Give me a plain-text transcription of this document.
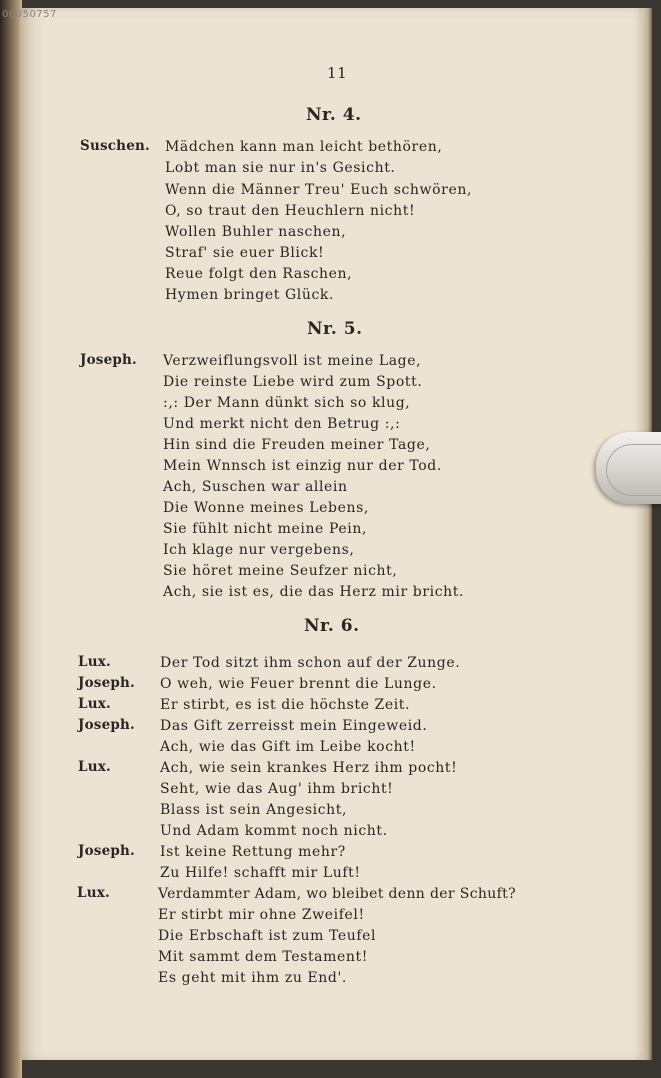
00050757
11
Nr. 4.
Suschen. Mädchen kann man leicht bethören,
Lobt man sie nur in's Gesicht.
Wenn die Männer Treu' Euch schwören,
O, so traut den Heuchlern nicht!
Wollen Buhler naschen,
Straf' sie euer Blick!
Reue folgt den Raschen,
Hymen bringet Glück.
Nr. 5.
Joseph. Verzweiflungsvoll ist meine Lage,
Die reinste Liebe wird zum Spott.
:,: Der Mann dünkt sich so klug,
Und merkt nicht den Betrug :,:
Hin sind die Freuden meiner Tage,
Mein Wnnsch ist einzig nur der Tod.
Ach, Suschen war allein
Die Wonne meines Lebens,
Sie fühlt nicht meine Pein,
Ich klage nur vergebens,
Sie höret meine Seufzer nicht,
Ach, sie ist es, die das Herz mir bricht.
Nr. 6.
Lux.	Der Tod sitzt ihm schon auf der Zunge.
Joseph. O weh, wie Feuer brennt die Lunge.
Lux.	Er stirbt, es ist die höchste Zeit.
Joseph. Das Gift zerreisst mein Eingeweid.
Ach, wie das Gift im Leibe kocht!
Lux.	Ach, wie sein krankes Herz ihm pocht!
Seht, wie das Aug' ihm bricht!
Blass ist sein Angesicht,
Und Adam kommt noch nicht.
Joseph. Ist keine Rettung mehr?
Zu Hilfe! schafft mir Luft!
Lux.	Verdammter Adam, wo bleibet denn der Schuft?
Er stirbt mir ohne Zweifel!
Die Erbschaft ist zum Teufel
Mit sammt dem Testament!
Es geht mit ihm zu End'.
